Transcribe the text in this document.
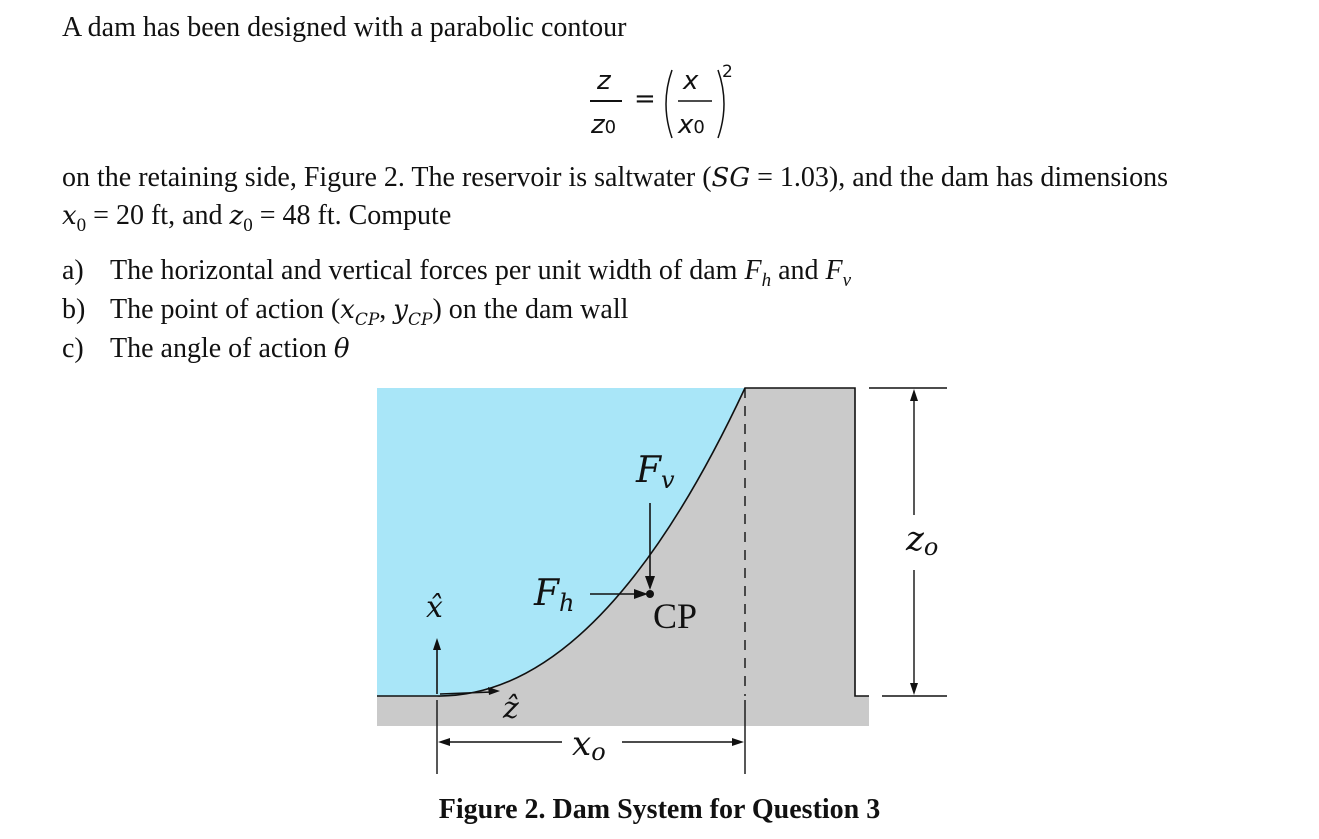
A dam has been designed with a parabolic contour
z
z0
=
x
x0
2
on the retaining side, Figure 2. The reservoir is saltwater (SG = 1.03), and the dam has dimensions
$x_0 = 20$ ft, and $z_0 = 48$ ft. Compute
a) The horizontal and vertical forces per unit width of dam $F_h$ and $F_v$
b) The point of action ($x_{CP}$, $y_{CP}$) on the dam wall
c) The angle of action θ
Fv
Fh CP
x̂
ẑ
xo
zo
Figure 2. Dam System for Question 3
